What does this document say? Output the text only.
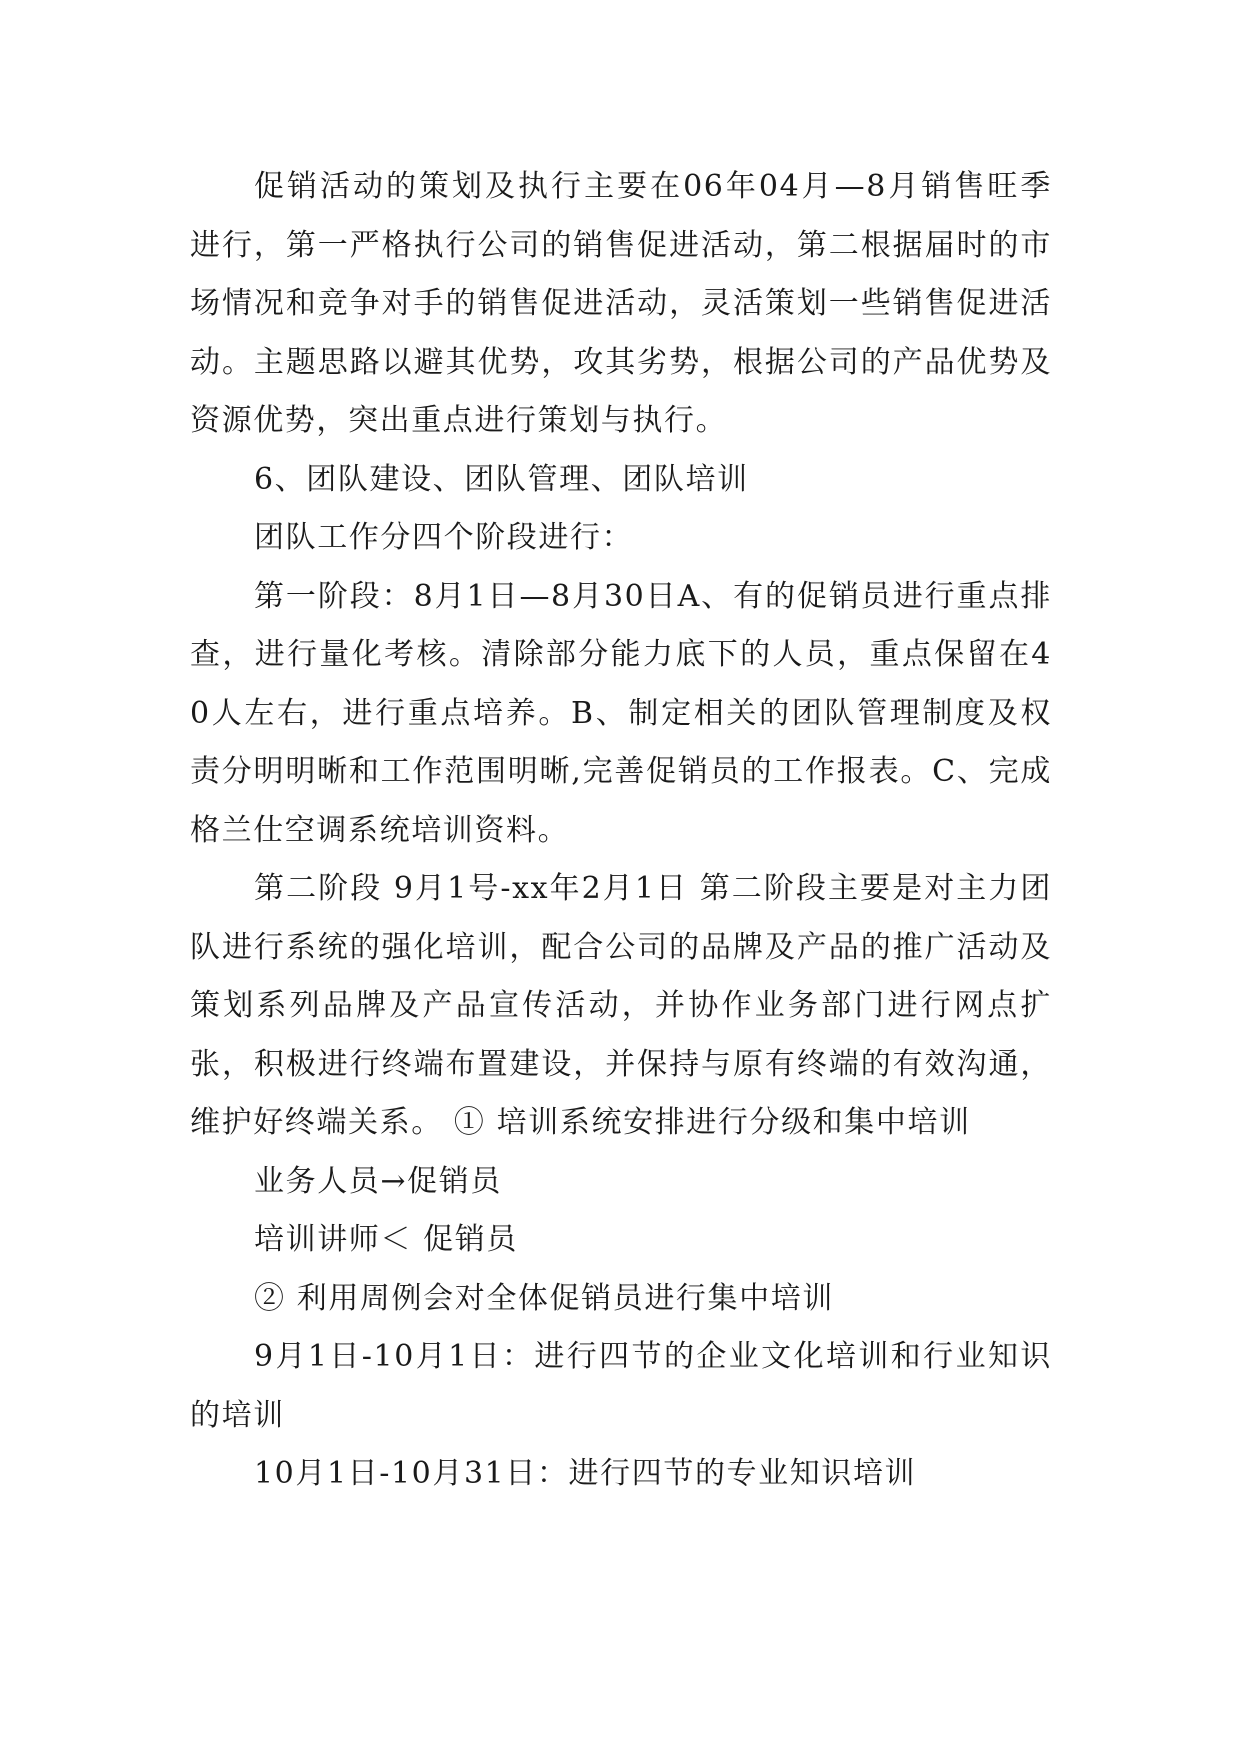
促销活动的策划及执行主要在06年04月—8月销售旺季进行，第一严格执行公司的销售促进活动，第二根据届时的市场情况和竞争对手的销售促进活动，灵活策划一些销售促进活动。主题思路以避其优势，攻其劣势，根据公司的产品优势及资源优势，突出重点进行策划与执行。

6、团队建设、团队管理、团队培训

团队工作分四个阶段进行：

第一阶段：8月1日—8月30日A、有的促销员进行重点排查，进行量化考核。清除部分能力底下的人员，重点保留在40人左右，进行重点培养。B、制定相关的团队管理制度及权责分明明晰和工作范围明晰,完善促销员的工作报表。C、完成格兰仕空调系统培训资料。

第二阶段 9月1号-xx年2月1日 第二阶段主要是对主力团队进行系统的强化培训，配合公司的品牌及产品的推广活动及策划系列品牌及产品宣传活动，并协作业务部门进行网点扩张，积极进行终端布置建设，并保持与原有终端的有效沟通，维护好终端关系。 ① 培训系统安排进行分级和集中培训

业务人员→促销员

培训讲师＜ 促销员

② 利用周例会对全体促销员进行集中培训

9月1日-10月1日：进行四节的企业文化培训和行业知识的培训

10月1日-10月31日：进行四节的专业知识培训
